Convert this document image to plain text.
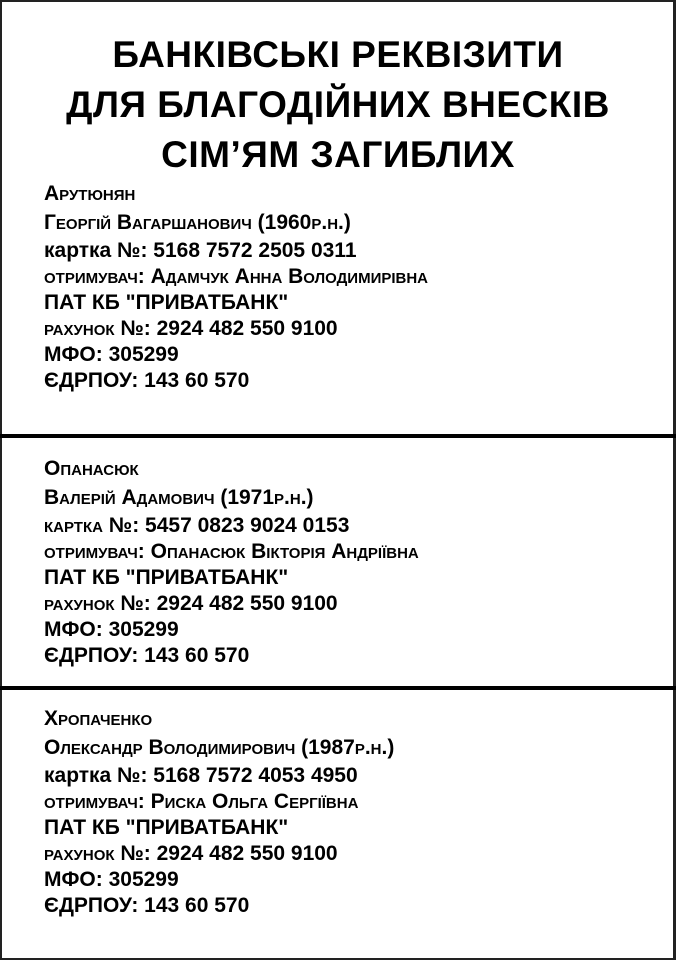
БАНКІВСЬКІ РЕКВІЗИТИ
ДЛЯ БЛАГОДІЙНИХ ВНЕСКІВ
СІМ’ЯМ ЗАГИБЛИХ
Арутюнян
Георгій Вагаршанович (1960р.н.)
картка №: 5168 7572 2505 0311
отримувач: Адамчук Анна Володимирівна
ПАТ КБ "ПРИВАТБАНК"
рахунок №: 2924 482 550 9100
МФО: 305299
ЄДРПОУ: 143 60 570
Опанасюк
Валерій Адамович (1971р.н.)
картка №: 5457 0823 9024 0153
отримувач: Опанасюк Вікторія Андріївна
ПАТ КБ "ПРИВАТБАНК"
рахунок №: 2924 482 550 9100
МФО: 305299
ЄДРПОУ: 143 60 570
Хропаченко
Олександр Володимирович (1987р.н.)
картка №: 5168 7572 4053 4950
отримувач: Риска Ольга Сергіївна
ПАТ КБ "ПРИВАТБАНК"
рахунок №: 2924 482 550 9100
МФО: 305299
ЄДРПОУ: 143 60 570
